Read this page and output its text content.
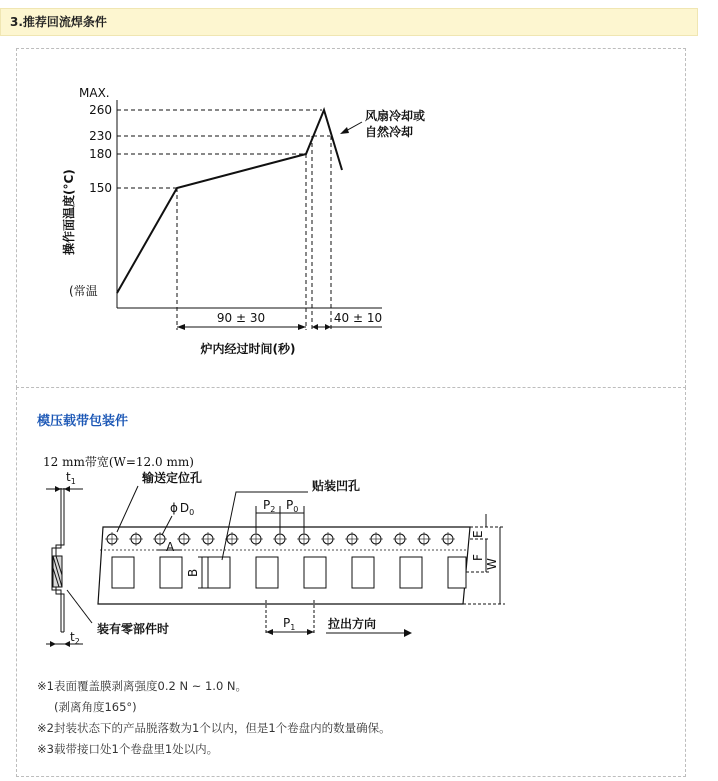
3.推荐回流焊条件
MAX.
260
230
180
150
(常温
操作面温度(°C)
风扇冷却或
自然冷却
90 ± 30	40 ± 10
炉内经过时间(秒)
模压载带包装件
12 mm带宽(W=12.0 mm)
$t_1$
$t_2$
装有零部件时
输送定位孔
贴装凹孔
ϕ $D_0$
$P_2$ $P_0$
A
B
E
F
W
$P_1$	拉出方向
※1表面覆盖膜剥离强度0.2 N ~ 1.0 N。
(剥离角度165°)
※2封装状态下的产品脱落数为1个以内，但是1个卷盘内的数量确保。
※3载带接口处1个卷盘里1处以内。
